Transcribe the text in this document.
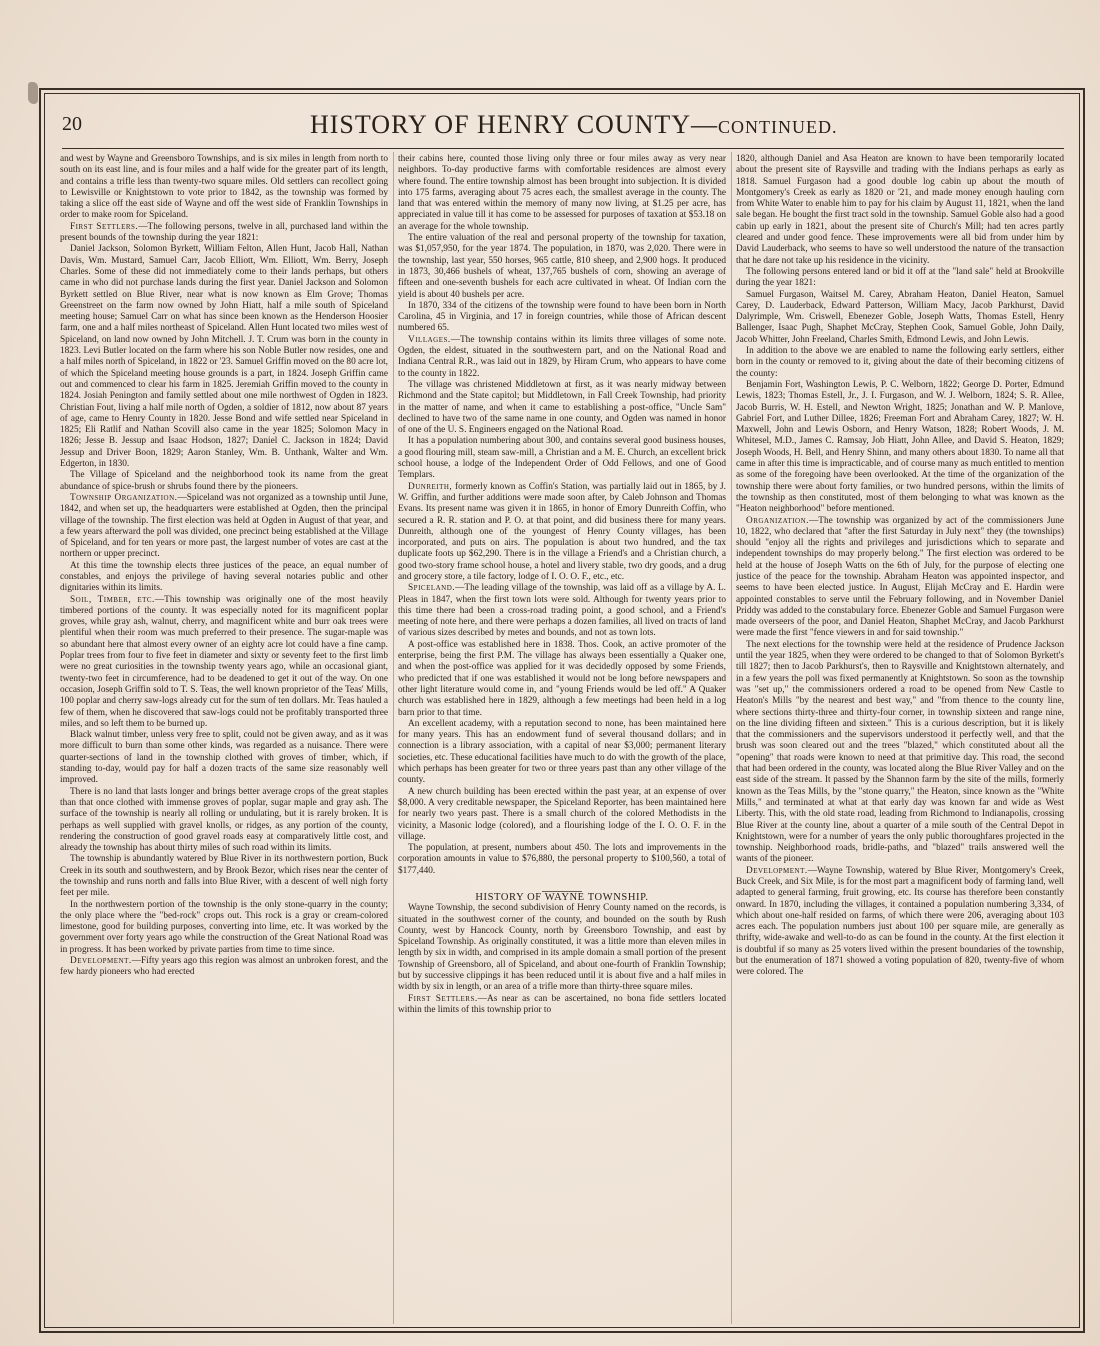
20	HISTORY OF HENRY COUNTY—CONTINUED.

and west by Wayne and Greensboro Townships, and is six miles in length from north to south on its east line, and is four miles and a half wide for the greater part of its length, and contains a trifle less than twenty-two square miles. Old settlers can recollect going to Lewisville or Knightstown to vote prior to 1842, as the township was formed by taking a slice off the east side of Wayne and off the west side of Franklin Townships in order to make room for Spiceland.

First Settlers.—The following persons, twelve in all, purchased land within the present bounds of the township during the year 1821:

Daniel Jackson, Solomon Byrkett, William Felton, Allen Hunt, Jacob Hall, Nathan Davis, Wm. Mustard, Samuel Carr, Jacob Elliott, Wm. Elliott, Wm. Berry, Joseph Charles. Some of these did not immediately come to their lands perhaps, but others came in who did not purchase lands during the first year. Daniel Jackson and Solomon Byrkett settled on Blue River, near what is now known as Elm Grove; Thomas Greenstreet on the farm now owned by John Hiatt, half a mile south of Spiceland meeting house; Samuel Carr on what has since been known as the Henderson Hoosier farm, one and a half miles northeast of Spiceland. Allen Hunt located two miles west of Spiceland, on land now owned by John Mitchell. J. T. Crum was born in the county in 1823. Levi Butler located on the farm where his son Noble Butler now resides, one and a half miles north of Spiceland, in 1822 or '23. Samuel Griffin moved on the 80 acre lot, of which the Spiceland meeting house grounds is a part, in 1824. Joseph Griffin came out and commenced to clear his farm in 1825. Jeremiah Griffin moved to the county in 1824. Josiah Penington and family settled about one mile northwest of Ogden in 1823. Christian Fout, living a half mile north of Ogden, a soldier of 1812, now about 87 years of age, came to Henry County in 1820. Jesse Bond and wife settled near Spiceland in 1825; Eli Ratlif and Nathan Scovill also came in the year 1825; Solomon Macy in 1826; Jesse B. Jessup and Isaac Hodson, 1827; Daniel C. Jackson in 1824; David Jessup and Driver Boon, 1829; Aaron Stanley, Wm. B. Unthank, Walter and Wm. Edgerton, in 1830.

The Village of Spiceland and the neighborhood took its name from the great abundance of spice-brush or shrubs found there by the pioneers.

Township Organization.—Spiceland was not organized as a township until June, 1842, and when set up, the headquarters were established at Ogden, then the principal village of the township. The first election was held at Ogden in August of that year, and a few years afterward the poll was divided, one precinct being established at the Village of Spiceland, and for ten years or more past, the largest number of votes are cast at the northern or upper precinct.

At this time the township elects three justices of the peace, an equal number of constables, and enjoys the privilege of having several notaries public and other dignitaries within its limits.

Soil, Timber, etc.—This township was originally one of the most heavily timbered portions of the county. It was especially noted for its magnificent poplar groves, while gray ash, walnut, cherry, and magnificent white and burr oak trees were plentiful when their room was much preferred to their presence. The sugar-maple was so abundant here that almost every owner of an eighty acre lot could have a fine camp. Poplar trees from four to five feet in diameter and sixty or seventy feet to the first limb were no great curiosities in the township twenty years ago, while an occasional giant, twenty-two feet in circumference, had to be deadened to get it out of the way. On one occasion, Joseph Griffin sold to T. S. Teas, the well known proprietor of the Teas' Mills, 100 poplar and cherry saw-logs already cut for the sum of ten dollars. Mr. Teas hauled a few of them, when he discovered that saw-logs could not be profitably transported three miles, and so left them to be burned up.

Black walnut timber, unless very free to split, could not be given away, and as it was more difficult to burn than some other kinds, was regarded as a nuisance. There were quarter-sections of land in the township clothed with groves of timber, which, if standing to-day, would pay for half a dozen tracts of the same size reasonably well improved.

There is no land that lasts longer and brings better average crops of the great staples than that once clothed with immense groves of poplar, sugar maple and gray ash. The surface of the township is nearly all rolling or undulating, but it is rarely broken. It is perhaps as well supplied with gravel knolls, or ridges, as any portion of the county, rendering the construction of good gravel roads easy at comparatively little cost, and already the township has about thirty miles of such road within its limits.

The township is abundantly watered by Blue River in its northwestern portion, Buck Creek in its south and southwestern, and by Brook Bezor, which rises near the center of the township and runs north and falls into Blue River, with a descent of well nigh forty feet per mile.

In the northwestern portion of the township is the only stone-quarry in the county; the only place where the "bed-rock" crops out. This rock is a gray or cream-colored limestone, good for building purposes, converting into lime, etc. It was worked by the government over forty years ago while the construction of the Great National Road was in progress. It has been worked by private parties from time to time since.

Development.—Fifty years ago this region was almost an unbroken forest, and the few hardy pioneers who had erected

their cabins here, counted those living only three or four miles away as very near neighbors. To-day productive farms with comfortable residences are almost every where found. The entire township almost has been brought into subjection. It is divided into 175 farms, averaging about 75 acres each, the smallest average in the county. The land that was entered within the memory of many now living, at $1.25 per acre, has appreciated in value till it has come to be assessed for purposes of taxation at $53.18 on an average for the whole township.

The entire valuation of the real and personal property of the township for taxation, was $1,057,950, for the year 1874. The population, in 1870, was 2,020. There were in the township, last year, 550 horses, 965 cattle, 810 sheep, and 2,900 hogs. It produced in 1873, 30,466 bushels of wheat, 137,765 bushels of corn, showing an average of fifteen and one-seventh bushels for each acre cultivated in wheat. Of Indian corn the yield is about 40 bushels per acre.

In 1870, 334 of the citizens of the township were found to have been born in North Carolina, 45 in Virginia, and 17 in foreign countries, while those of African descent numbered 65.

Villages.—The township contains within its limits three villages of some note. Ogden, the eldest, situated in the southwestern part, and on the National Road and Indiana Central R.R., was laid out in 1829, by Hiram Crum, who appears to have come to the county in 1822.

The village was christened Middletown at first, as it was nearly midway between Richmond and the State capitol; but Middletown, in Fall Creek Township, had priority in the matter of name, and when it came to establishing a post-office, "Uncle Sam" declined to have two of the same name in one county, and Ogden was named in honor of one of the U. S. Engineers engaged on the National Road.

It has a population numbering about 300, and contains several good business houses, a good flouring mill, steam saw-mill, a Christian and a M. E. Church, an excellent brick school house, a lodge of the Independent Order of Odd Fellows, and one of Good Templars.

Dunreith, formerly known as Coffin's Station, was partially laid out in 1865, by J. W. Griffin, and further additions were made soon after, by Caleb Johnson and Thomas Evans. Its present name was given it in 1865, in honor of Emory Dunreith Coffin, who secured a R. R. station and P. O. at that point, and did business there for many years. Dunreith, although one of the youngest of Henry County villages, has been incorporated, and puts on airs. The population is about two hundred, and the tax duplicate foots up $62,290. There is in the village a Friend's and a Christian church, a good two-story frame school house, a hotel and livery stable, two dry goods, and a drug and grocery store, a tile factory, lodge of I. O. O. F., etc., etc.

Spiceland.—The leading village of the township, was laid off as a village by A. L. Pleas in 1847, when the first town lots were sold. Although for twenty years prior to this time there had been a cross-road trading point, a good school, and a Friend's meeting of note here, and there were perhaps a dozen families, all lived on tracts of land of various sizes described by metes and bounds, and not as town lots.

A post-office was established here in 1838. Thos. Cook, an active promoter of the enterprise, being the first P.M. The village has always been essentially a Quaker one, and when the post-office was applied for it was decidedly opposed by some Friends, who predicted that if one was established it would not be long before newspapers and other light literature would come in, and "young Friends would be led off." A Quaker church was established here in 1829, although a few meetings had been held in a log barn prior to that time.

An excellent academy, with a reputation second to none, has been maintained here for many years. This has an endowment fund of several thousand dollars; and in connection is a library association, with a capital of near $3,000; permanent literary societies, etc. These educational facilities have much to do with the growth of the place, which perhaps has been greater for two or three years past than any other village of the county.

A new church building has been erected within the past year, at an expense of over $8,000. A very creditable newspaper, the Spiceland Reporter, has been maintained here for nearly two years past. There is a small church of the colored Methodists in the vicinity, a Masonic lodge (colored), and a flourishing lodge of the I. O. O. F. in the village.

The population, at present, numbers about 450. The lots and improvements in the corporation amounts in value to $76,880, the personal property to $100,560, a total of $177,440.

HISTORY OF WAYNE TOWNSHIP.

Wayne Township, the second subdivision of Henry County named on the records, is situated in the southwest corner of the county, and bounded on the south by Rush County, west by Hancock County, north by Greensboro Township, and east by Spiceland Township. As originally constituted, it was a little more than eleven miles in length by six in width, and comprised in its ample domain a small portion of the present Township of Greensboro, all of Spiceland, and about one-fourth of Franklin Township; but by successive clippings it has been reduced until it is about five and a half miles in width by six in length, or an area of a trifle more than thirty-three square miles.

First Settlers.—As near as can be ascertained, no bona fide settlers located within the limits of this township prior to

1820, although Daniel and Asa Heaton are known to have been temporarily located about the present site of Raysville and trading with the Indians perhaps as early as 1818. Samuel Furgason had a good double log cabin up about the mouth of Montgomery's Creek as early as 1820 or '21, and made money enough hauling corn from White Water to enable him to pay for his claim by August 11, 1821, when the land sale began. He bought the first tract sold in the township. Samuel Goble also had a good cabin up early in 1821, about the present site of Church's Mill; had ten acres partly cleared and under good fence. These improvements were all bid from under him by David Lauderback, who seems to have so well understood the nature of the transaction that he dare not take up his residence in the vicinity.

The following persons entered land or bid it off at the "land sale" held at Brookville during the year 1821:

Samuel Furgason, Waitsel M. Carey, Abraham Heaton, Daniel Heaton, Samuel Carey, D. Lauderback, Edward Patterson, William Macy, Jacob Parkhurst, David Dalyrimple, Wm. Criswell, Ebenezer Goble, Joseph Watts, Thomas Estell, Henry Ballenger, Isaac Pugh, Shaphet McCray, Stephen Cook, Samuel Goble, John Daily, Jacob Whitter, John Freeland, Charles Smith, Edmond Lewis, and John Lewis.

In addition to the above we are enabled to name the following early settlers, either born in the county or removed to it, giving about the date of their becoming citizens of the county:

Benjamin Fort, Washington Lewis, P. C. Welborn, 1822; George D. Porter, Edmund Lewis, 1823; Thomas Estell, Jr., J. I. Furgason, and W. J. Welborn, 1824; S. R. Allee, Jacob Burris, W. H. Estell, and Newton Wright, 1825; Jonathan and W. P. Manlove, Gabriel Fort, and Luther Dillee, 1826; Freeman Fort and Abraham Carey, 1827; W. H. Maxwell, John and Lewis Osborn, and Henry Watson, 1828; Robert Woods, J. M. Whitesel, M.D., James C. Ramsay, Job Hiatt, John Allee, and David S. Heaton, 1829; Joseph Woods, H. Bell, and Henry Shinn, and many others about 1830. To name all that came in after this time is impracticable, and of course many as much entitled to mention as some of the foregoing have been overlooked. At the time of the organization of the township there were about forty families, or two hundred persons, within the limits of the township as then constituted, most of them belonging to what was known as the "Heaton neighborhood" before mentioned.

Organization.—The township was organized by act of the commissioners June 10, 1822, who declared that "after the first Saturday in July next" they (the townships) should "enjoy all the rights and privileges and jurisdictions which to separate and independent townships do may properly belong." The first election was ordered to be held at the house of Joseph Watts on the 6th of July, for the purpose of electing one justice of the peace for the township. Abraham Heaton was appointed inspector, and seems to have been elected justice. In August, Elijah McCray and E. Hardin were appointed constables to serve until the February following, and in November Daniel Priddy was added to the constabulary force. Ebenezer Goble and Samuel Furgason were made overseers of the poor, and Daniel Heaton, Shaphet McCray, and Jacob Parkhurst were made the first "fence viewers in and for said township."

The next elections for the township were held at the residence of Prudence Jackson until the year 1825, when they were ordered to be changed to that of Solomon Byrkett's till 1827; then to Jacob Parkhurst's, then to Raysville and Knightstown alternately, and in a few years the poll was fixed permanently at Knightstown. So soon as the township was "set up," the commissioners ordered a road to be opened from New Castle to Heaton's Mills "by the nearest and best way," and "from thence to the county line, where sections thirty-three and thirty-four corner, in township sixteen and range nine, on the line dividing fifteen and sixteen." This is a curious description, but it is likely that the commissioners and the supervisors understood it perfectly well, and that the brush was soon cleared out and the trees "blazed," which constituted about all the "opening" that roads were known to need at that primitive day. This road, the second that had been ordered in the county, was located along the Blue River Valley and on the east side of the stream. It passed by the Shannon farm by the site of the mills, formerly known as the Teas Mills, by the "stone quarry," the Heaton, since known as the "White Mills," and terminated at what at that early day was known far and wide as West Liberty. This, with the old state road, leading from Richmond to Indianapolis, crossing Blue River at the county line, about a quarter of a mile south of the Central Depot in Knightstown, were for a number of years the only public thoroughfares projected in the township. Neighborhood roads, bridle-paths, and "blazed" trails answered well the wants of the pioneer.

Development.—Wayne Township, watered by Blue River, Montgomery's Creek, Buck Creek, and Six Mile, is for the most part a magnificent body of farming land, well adapted to general farming, fruit growing, etc. Its course has therefore been constantly onward. In 1870, including the villages, it contained a population numbering 3,334, of which about one-half resided on farms, of which there were 206, averaging about 103 acres each. The population numbers just about 100 per square mile, are generally as thrifty, wide-awake and well-to-do as can be found in the county. At the first election it is doubtful if so many as 25 voters lived within the present boundaries of the township, but the enumeration of 1871 showed a voting population of 820, twenty-five of whom were colored. The
